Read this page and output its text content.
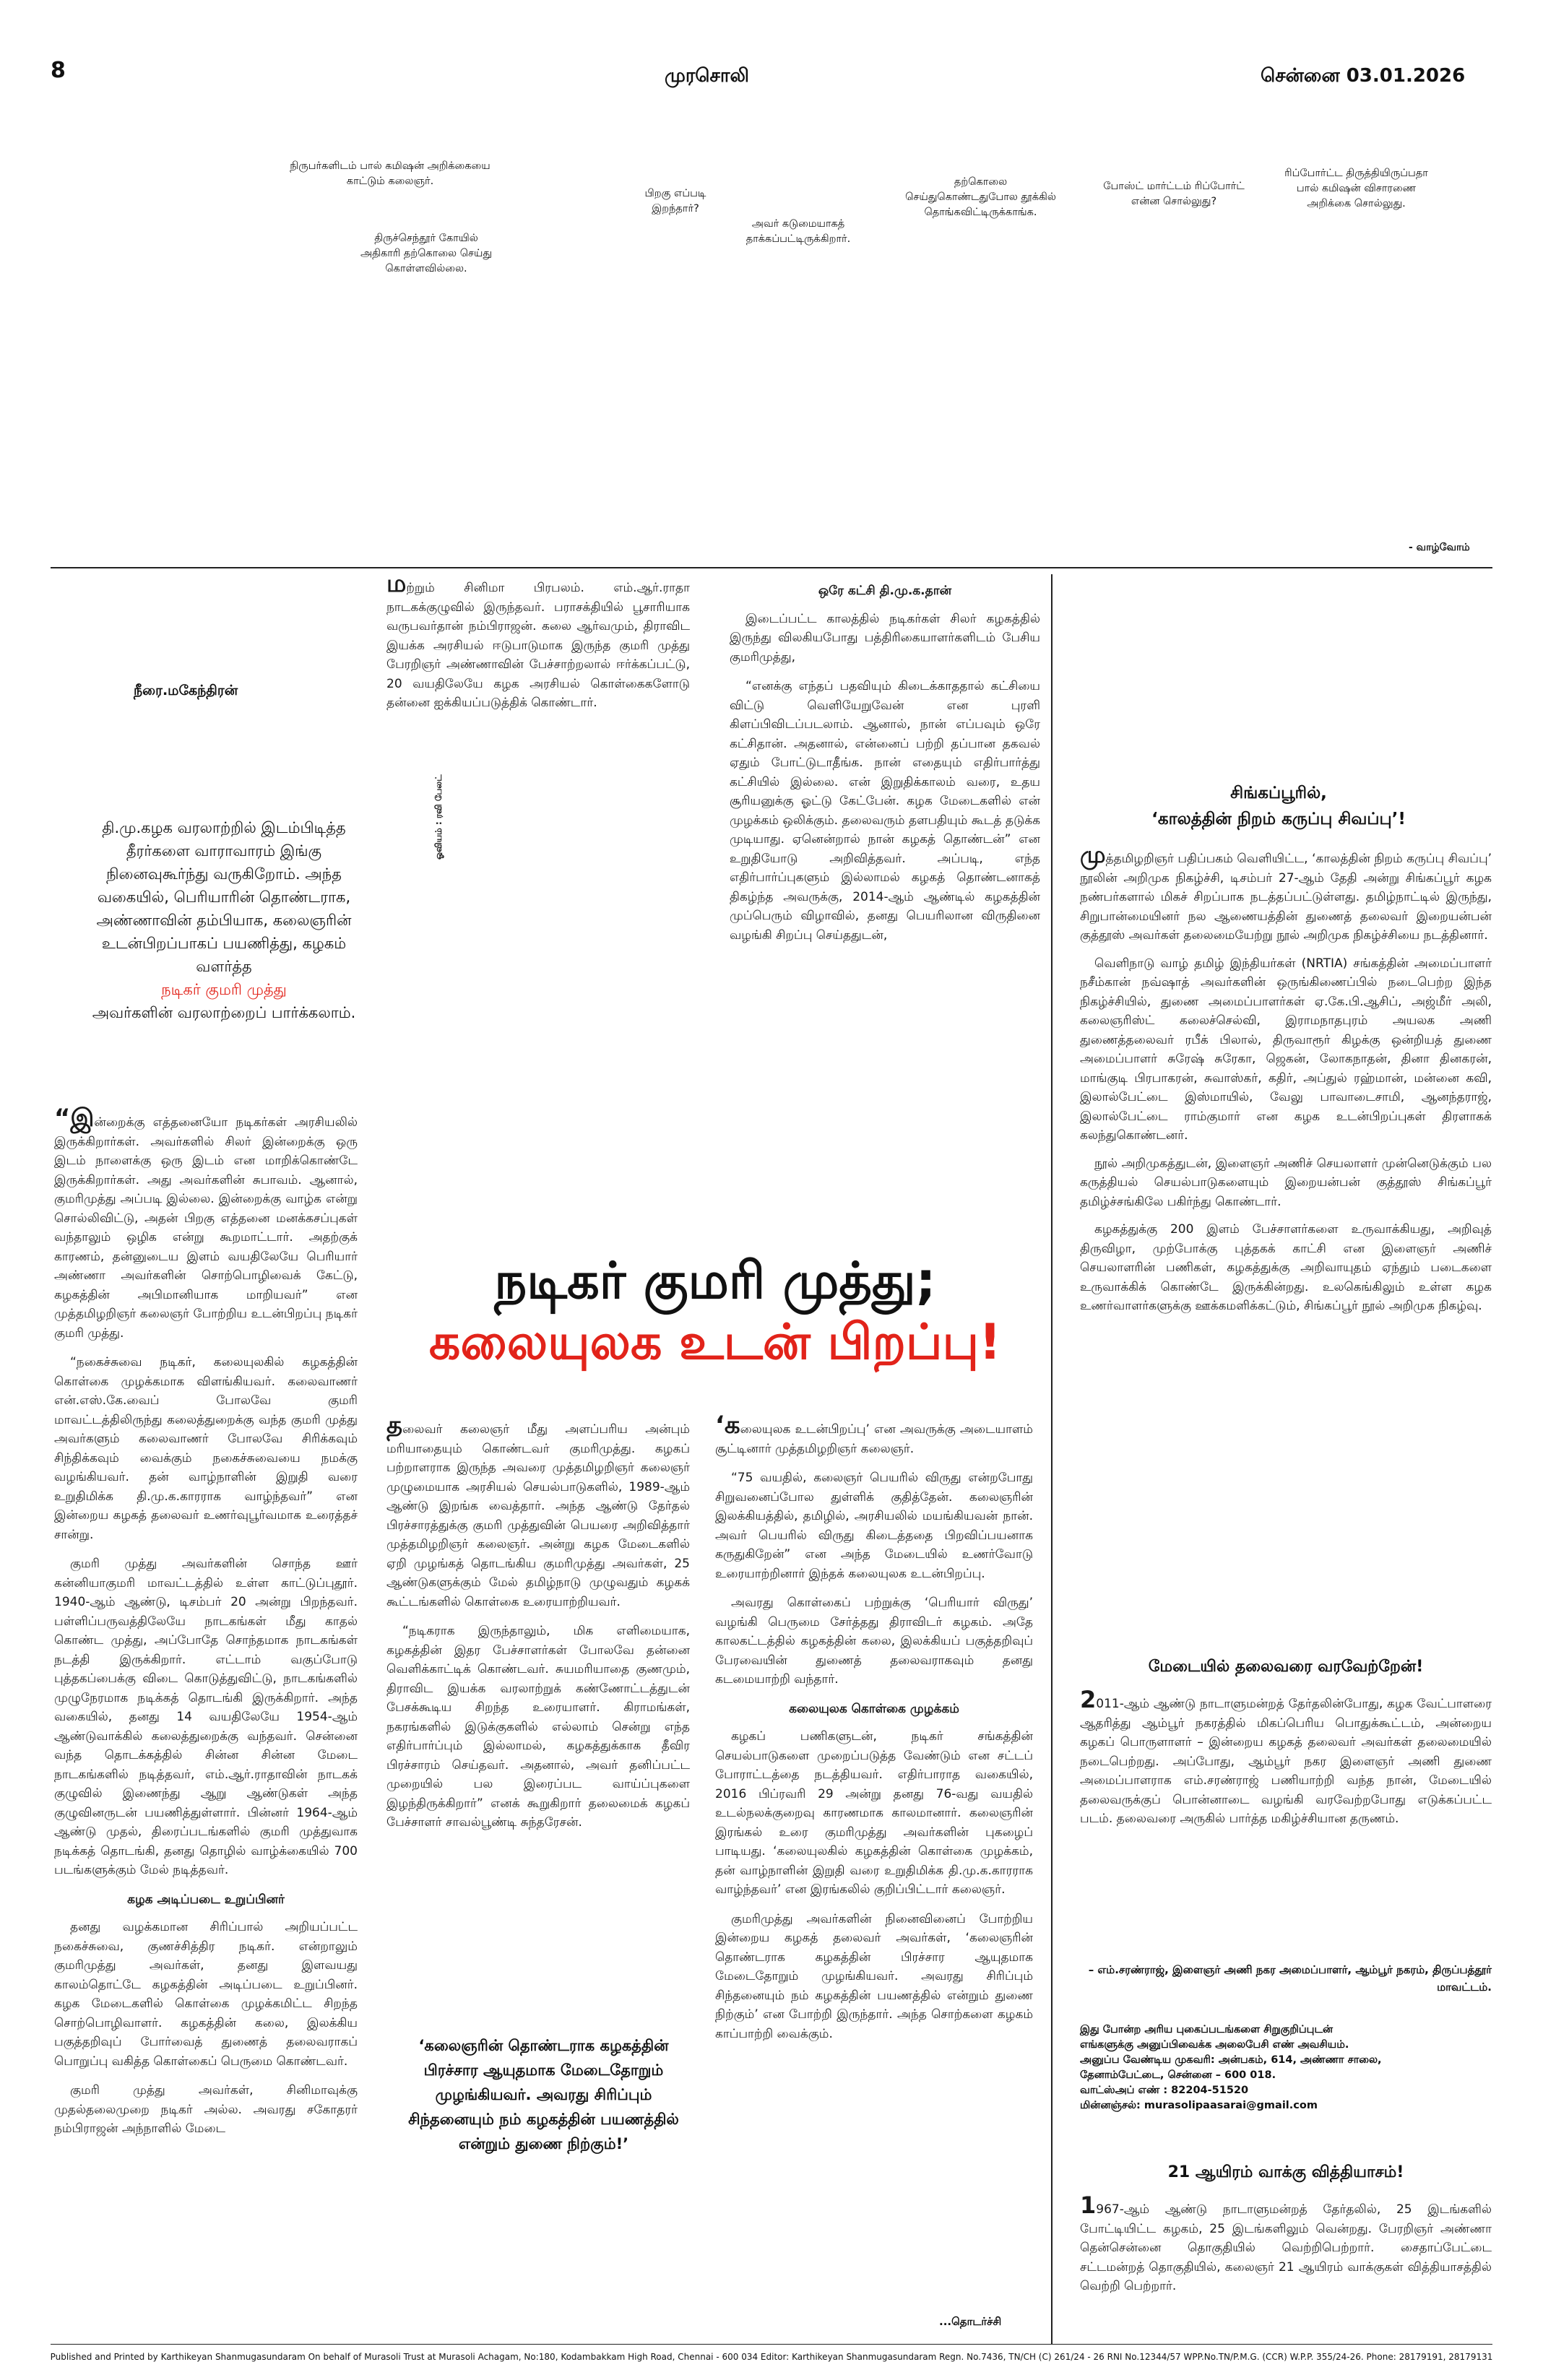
8	முரசொலி	சென்னை 03.01.2026
நிருபர்களிடம் பால் கமிஷன் அறிக்கையை காட்டும் கலைஞர்.
திருச்செந்தூர் கோயில் அதிகாரி தற்கொலை செய்து கொள்ளவில்லை.
பிறகு எப்படி இறந்தார்?
அவர் கடுமையாகத் தாக்கப்பட்டிருக்கிறார்.
தற்கொலை செய்துகொண்டதுபோல தூக்கில் தொங்கவிட்டிருக்காங்க.
போஸ்ட் மார்ட்டம் ரிப்போர்ட் என்ன சொல்லுது?
ரிப்போர்ட்ட திருத்தியிருப்பதா பால் கமிஷன் விசாரணை அறிக்கை சொல்லுது.
- வாழ்வோம்
நீரை.மகேந்திரன்
தி.மு.கழக வரலாற்றில் இடம்பிடித்த தீரர்களை வாராவாரம் இங்கு நினைவுகூர்ந்து வருகிறோம். அந்த வகையில், பெரியாரின் தொண்டராக, அண்ணாவின் தம்பியாக, கலைஞரின் உடன்பிறப்பாகப் பயணித்து, கழகம் வளர்த்த
நடிகர் குமரி முத்து
அவர்களின் வரலாற்றைப் பார்க்கலாம்.

“இன்றைக்கு எத்தனையோ நடிகர்கள் அரசியலில் இருக்கிறார்கள். அவர்களில் சிலர் இன்றைக்கு ஒரு இடம் நாளைக்கு ஒரு இடம் என மாறிக்கொண்டே இருக்கிறார்கள். அது அவர்களின் சுபாவம். ஆனால், குமரிமுத்து அப்படி இல்லை. இன்றைக்கு வாழ்க என்று சொல்லிவிட்டு, அதன் பிறகு எத்தனை மனக்கசப்புகள் வந்தாலும் ஒழிக என்று கூறமாட்டார். அதற்குக் காரணம், தன்னுடைய இளம் வயதிலேயே பெரியார் அண்ணா அவர்களின் சொற்பொழிவைக் கேட்டு, கழகத்தின் அபிமானியாக மாறியவர்” என முத்தமிழறிஞர் கலைஞர் போற்றிய உடன்பிறப்பு நடிகர் குமரி முத்து.

“நகைச்சுவை நடிகர், கலையுலகில் கழகத்தின் கொள்கை முழக்கமாக விளங்கியவர். கலைவாணர் என்.எஸ்.கே.வைப் போலவே குமரி மாவட்டத்திலிருந்து கலைத்துறைக்கு வந்த குமரி முத்து அவர்களும் கலைவாணர் போலவே சிரிக்கவும் சிந்திக்கவும் வைக்கும் நகைச்சுவையை நமக்கு வழங்கியவர். தன் வாழ்நாளின் இறுதி வரை உறுதிமிக்க தி.மு.க.காரராக வாழ்ந்தவர்” என இன்றைய கழகத் தலைவர் உணர்வுபூர்வமாக உரைத்தச் சான்று.

குமரி முத்து அவர்களின் சொந்த ஊர் கன்னியாகுமரி மாவட்டத்தில் உள்ள காட்டுப்புதூர். 1940-ஆம் ஆண்டு, டிசம்பர் 20 அன்று பிறந்தவர். பள்ளிப்பருவத்திலேயே நாடகங்கள் மீது காதல் கொண்ட முத்து, அப்போதே சொந்தமாக நாடகங்கள் நடத்தி இருக்கிறார். எட்டாம் வகுப்போடு புத்தகப்பைக்கு விடை கொடுத்துவிட்டு, நாடகங்களில் முழுநேரமாக நடிக்கத் தொடங்கி இருக்கிறார். அந்த வகையில், தனது 14 வயதிலேயே 1954-ஆம் ஆண்டுவாக்கில் கலைத்துறைக்கு வந்தவர். சென்னை வந்த தொடக்கத்தில் சின்ன சின்ன மேடை நாடகங்களில் நடித்தவர், எம்.ஆர்.ராதாவின் நாடகக் குழுவில் இணைந்து ஆறு ஆண்டுகள் அந்த குழுவினருடன் பயணித்துள்ளார். பின்னர் 1964-ஆம் ஆண்டு முதல், திரைப்படங்களில் குமரி முத்துவாக நடிக்கத் தொடங்கி, தனது தொழில் வாழ்க்கையில் 700 படங்களுக்கும் மேல் நடித்தவர்.

கழக அடிப்படை உறுப்பினர்

தனது வழக்கமான சிரிப்பால் அறியப்பட்ட நகைச்சுவை, குணச்சித்திர நடிகர். என்றாலும் குமரிமுத்து அவர்கள், தனது இளவயது காலம்தொட்டே கழகத்தின் அடிப்படை உறுப்பினர். கழக மேடைகளில் கொள்கை முழக்கமிட்ட சிறந்த சொற்பொழிவாளர். கழகத்தின் கலை, இலக்கிய பகுத்தறிவுப் போர்வைத் துணைத் தலைவராகப் பொறுப்பு வகித்த கொள்கைப் பெருமை கொண்டவர்.

குமரி முத்து அவர்கள், சினிமாவுக்கு முதல்தலைமுறை நடிகர் அல்ல. அவரது சகோதரர் நம்பிராஜன் அந்நாளில் மேடை

மற்றும் சினிமா பிரபலம். எம்.ஆர்.ராதா நாடகக்குழுவில் இருந்தவர். பராசக்தியில் பூசாரியாக வருபவர்தான் நம்பிராஜன். கலை ஆர்வமும், திராவிட இயக்க அரசியல் ஈடுபாடுமாக இருந்த குமரி முத்து பேரறிஞர் அண்ணாவின் பேச்சாற்றலால் ஈர்க்கப்பட்டு, 20 வயதிலேயே கழக அரசியல் கொள்கைகளோடு தன்னை ஐக்கியப்படுத்திக் கொண்டார்.

ஓவியம் : ரவி பேலட்
ஒரே கட்சி தி.மு.க.தான்

இடைப்பட்ட காலத்தில் நடிகர்கள் சிலர் கழகத்தில் இருந்து விலகியபோது பத்திரிகையாளர்களிடம் பேசிய குமரிமுத்து,

“எனக்கு எந்தப் பதவியும் கிடைக்காததால் கட்சியை விட்டு வெளியேறுவேன் என புரளி கிளப்பிவிடப்படலாம். ஆனால், நான் எப்பவும் ஒரே கட்சிதான். அதனால், என்னைப் பற்றி தப்பான தகவல் ஏதும் போட்டுடாதீங்க. நான் எதையும் எதிர்பார்த்து கட்சியில் இல்லை. என் இறுதிக்காலம் வரை, உதய சூரியனுக்கு ஓட்டு கேட்பேன். கழக மேடைகளில் என் முழக்கம் ஒலிக்கும். தலைவரும் தளபதியும் கூடத் தடுக்க முடியாது. ஏனென்றால் நான் கழகத் தொண்டன்” என உறுதியோடு அறிவித்தவர். அப்படி, எந்த எதிர்பார்ப்புகளும் இல்லாமல் கழகத் தொண்டனாகத் திகழ்ந்த அவருக்கு, 2014-ஆம் ஆண்டில் கழகத்தின் முப்பெரும் விழாவில், தனது பெயரிலான விருதினை வழங்கி சிறப்பு செய்ததுடன்,

நடிகர் குமரி முத்து;
கலையுலக உடன் பிறப்பு!

தலைவர் கலைஞர் மீது அளப்பரிய அன்பும் மரியாதையும் கொண்டவர் குமரிமுத்து. கழகப் பற்றாளராக இருந்த அவரை முத்தமிழறிஞர் கலைஞர் முழுமையாக அரசியல் செயல்பாடுகளில், 1989-ஆம் ஆண்டு இறங்க வைத்தார். அந்த ஆண்டு தேர்தல் பிரச்சாரத்துக்கு குமரி முத்துவின் பெயரை அறிவித்தார் முத்தமிழறிஞர் கலைஞர். அன்று கழக மேடைகளில் ஏறி முழங்கத் தொடங்கிய குமரிமுத்து அவர்கள், 25 ஆண்டுகளுக்கும் மேல் தமிழ்நாடு முழுவதும் கழகக் கூட்டங்களில் கொள்கை உரையாற்றியவர்.

“நடிகராக இருந்தாலும், மிக எளிமையாக, கழகத்தின் இதர பேச்சாளர்கள் போலவே தன்னை வெளிக்காட்டிக் கொண்டவர். சுயமரியாதை குணமும், திராவிட இயக்க வரலாற்றுக் கண்ணோட்டத்துடன் பேசக்கூடிய சிறந்த உரையாளர். கிராமங்கள், நகரங்களில் இடுக்குகளில் எல்லாம் சென்று எந்த எதிர்பார்ப்பும் இல்லாமல், கழகத்துக்காக தீவிர பிரச்சாரம் செய்தவர். அதனால், அவர் தனிப்பட்ட முறையில் பல இரைப்பட வாய்ப்புகளை இழந்திருக்கிறார்” எனக் கூறுகிறார் தலைமைக் கழகப் பேச்சாளர் சாவல்பூண்டி சுந்தரேசன்.

‘கலைஞரின் தொண்டராக கழகத்தின் பிரச்சார ஆயுதமாக மேடைதோறும் முழங்கியவர். அவரது சிரிப்பும் சிந்தனையும் நம் கழகத்தின் பயணத்தில் என்றும் துணை நிற்கும்!’

‘கலையுலக உடன்பிறப்பு’ என அவருக்கு அடையாளம் சூட்டினார் முத்தமிழறிஞர் கலைஞர்.

“75 வயதில், கலைஞர் பெயரில் விருது என்றபோது சிறுவனைப்போல துள்ளிக் குதித்தேன். கலைஞரின் இலக்கியத்தில், தமிழில், அரசியலில் மயங்கியவன் நான். அவர் பெயரில் விருது கிடைத்ததை பிறவிப்பயனாக கருதுகிறேன்” என அந்த மேடையில் உணர்வோடு உரையாற்றினார் இந்தக் கலையுலக உடன்பிறப்பு.

அவரது கொள்கைப் பற்றுக்கு ‘பெரியார் விருது’ வழங்கி பெருமை சேர்த்தது திராவிடர் கழகம். அதே காலகட்டத்தில் கழகத்தின் கலை, இலக்கியப் பகுத்தறிவுப் பேரவையின் துணைத் தலைவராகவும் தனது கடமையாற்றி வந்தார்.

கலையுலக கொள்கை முழக்கம்

கழகப் பணிகளுடன், நடிகர் சங்கத்தின் செயல்பாடுகளை முறைப்படுத்த வேண்டும் என சட்டப் போராட்டத்தை நடத்தியவர். எதிர்பாராத வகையில், 2016 பிப்ரவரி 29 அன்று தனது 76-வது வயதில் உடல்நலக்குறைவு காரணமாக காலமானார். கலைஞரின் இரங்கல் உரை குமரிமுத்து அவர்களின் புகழைப் பாடியது. ‘கலையுலகில் கழகத்தின் கொள்கை முழக்கம், தன் வாழ்நாளின் இறுதி வரை உறுதிமிக்க தி.மு.க.காரராக வாழ்ந்தவர்’ என இரங்கலில் குறிப்பிட்டார் கலைஞர்.

குமரிமுத்து அவர்களின் நினைவினைப் போற்றிய இன்றைய கழகத் தலைவர் அவர்கள், ‘கலைஞரின் தொண்டராக கழகத்தின் பிரச்சார ஆயுதமாக மேடைதோறும் முழங்கியவர். அவரது சிரிப்பும் சிந்தனையும் நம் கழகத்தின் பயணத்தில் என்றும் துணை நிற்கும்’ என போற்றி இருந்தார். அந்த சொற்களை கழகம் காப்பாற்றி வைக்கும்.

...தொடர்ச்சி
சிங்கப்பூரில்,
‘காலத்தின் நிறம் கருப்பு சிவப்பு’!

முத்தமிழறிஞர் பதிப்பகம் வெளியிட்ட, ‘காலத்தின் நிறம் கருப்பு சிவப்பு’ நூலின் அறிமுக நிகழ்ச்சி, டிசம்பர் 27-ஆம் தேதி அன்று சிங்கப்பூர் கழக நண்பர்களால் மிகச் சிறப்பாக நடத்தப்பட்டுள்ளது. தமிழ்நாட்டில் இருந்து, சிறுபான்மையினர் நல ஆணையத்தின் துணைத் தலைவர் இறையன்பன் குத்தூஸ் அவர்கள் தலைமையேற்று நூல் அறிமுக நிகழ்ச்சியை நடத்தினார்.

வெளிநாடு வாழ் தமிழ் இந்தியர்கள் (NRTIA) சங்கத்தின் அமைப்பாளர் நசீம்கான் நவ்ஷாத் அவர்களின் ஒருங்கிணைப்பில் நடைபெற்ற இந்த நிகழ்ச்சியில், துணை அமைப்பாளர்கள் ஏ.கே.பி.ஆசிப், அஜ்மீர் அலி, கலைஞரிஸ்ட் கலைச்செல்வி, இராமநாதபுரம் அயலக அணி துணைத்தலைவர் ரபீக் பிலால், திருவாரூர் கிழக்கு ஒன்றியத் துணை அமைப்பாளர் சுரேஷ் சுரேகா, ஜெகன், லோகநாதன், தினா தினகரன், மாங்குடி பிரபாகரன், சுவாஸ்கர், கதிர், அப்துல் ரஹ்மான், மன்னை கவி, இலால்பேட்டை இஸ்மாயில், வேலு பாவாடைசாமி, ஆனந்தராஜ், இலால்பேட்டை ராம்குமார் என கழக உடன்பிறப்புகள் திரளாகக் கலந்துகொண்டனர்.

நூல் அறிமுகத்துடன், இளைஞர் அணிச் செயலாளர் முன்னெடுக்கும் பல கருத்தியல் செயல்பாடுகளையும் இறையன்பன் குத்தூஸ் சிங்கப்பூர் தமிழ்ச்சங்கிலே பகிர்ந்து கொண்டார்.

கழகத்துக்கு 200 இளம் பேச்சாளர்களை உருவாக்கியது, அறிவுத் திருவிழா, முற்போக்கு புத்தகக் காட்சி என இளைஞர் அணிச் செயலாளரின் பணிகள், கழகத்துக்கு அறிவாயுதம் ஏந்தும் படைகளை உருவாக்கிக் கொண்டே இருக்கின்றது. உலகெங்கிலும் உள்ள கழக உணர்வாளர்களுக்கு ஊக்கமளிக்கட்டும், சிங்கப்பூர் நூல் அறிமுக நிகழ்வு.

மேடையில் தலைவரை வரவேற்றேன்!

2011-ஆம் ஆண்டு நாடாளுமன்றத் தேர்தலின்போது, கழக வேட்பாளரை ஆதரித்து ஆம்பூர் நகரத்தில் மிகப்பெரிய பொதுக்கூட்டம், அன்றைய கழகப் பொருளாளர் – இன்றைய கழகத் தலைவர் அவர்கள் தலைமையில் நடைபெற்றது. அப்போது, ஆம்பூர் நகர இளைஞர் அணி துணை அமைப்பாளராக எம்.சரண்ராஜ் பணியாற்றி வந்த நான், மேடையில் தலைவருக்குப் பொன்னாடை வழங்கி வரவேற்றபோது எடுக்கப்பட்ட படம். தலைவரை அருகில் பார்த்த மகிழ்ச்சியான தருணம்.

– எம்.சரண்ராஜ், இளைஞர் அணி நகர அமைப்பாளர், ஆம்பூர் நகரம், திருப்பத்தூர் மாவட்டம்.
இது போன்ற அரிய புகைப்படங்களை சிறுகுறிப்புடன் எங்களுக்கு அனுப்பிவைக்க அலைபேசி எண் அவசியம்.
அனுப்ப வேண்டிய முகவரி: அன்பகம், 614, அண்ணா சாலை, தேனாம்பேட்டை, சென்னை – 600 018.
வாட்ஸ்அப் எண் : 82204-51520
மின்னஞ்சல்: murasolipaasarai@gmail.com
21 ஆயிரம் வாக்கு வித்தியாசம்!

1967-ஆம் ஆண்டு நாடாளுமன்றத் தேர்தலில், 25 இடங்களில் போட்டியிட்ட கழகம், 25 இடங்களிலும் வென்றது. பேரறிஞர் அண்ணா தென்சென்னை தொகுதியில் வெற்றிபெற்றார். சைதாப்பேட்டை சட்டமன்றத் தொகுதியில், கலைஞர் 21 ஆயிரம் வாக்குகள் வித்தியாசத்தில் வெற்றி பெற்றார்.

Published and Printed by Karthikeyan Shanmugasundaram On behalf of Murasoli Trust at Murasoli Achagam, No:180, Kodambakkam High Road, Chennai - 600 034 Editor: Karthikeyan Shanmugasundaram Regn. No.7436, TN/CH (C) 261/24 - 26 RNI No.12344/57 WPP.No.TN/P.M.G. (CCR) W.P.P. 355/24-26. Phone: 28179191, 28179131
